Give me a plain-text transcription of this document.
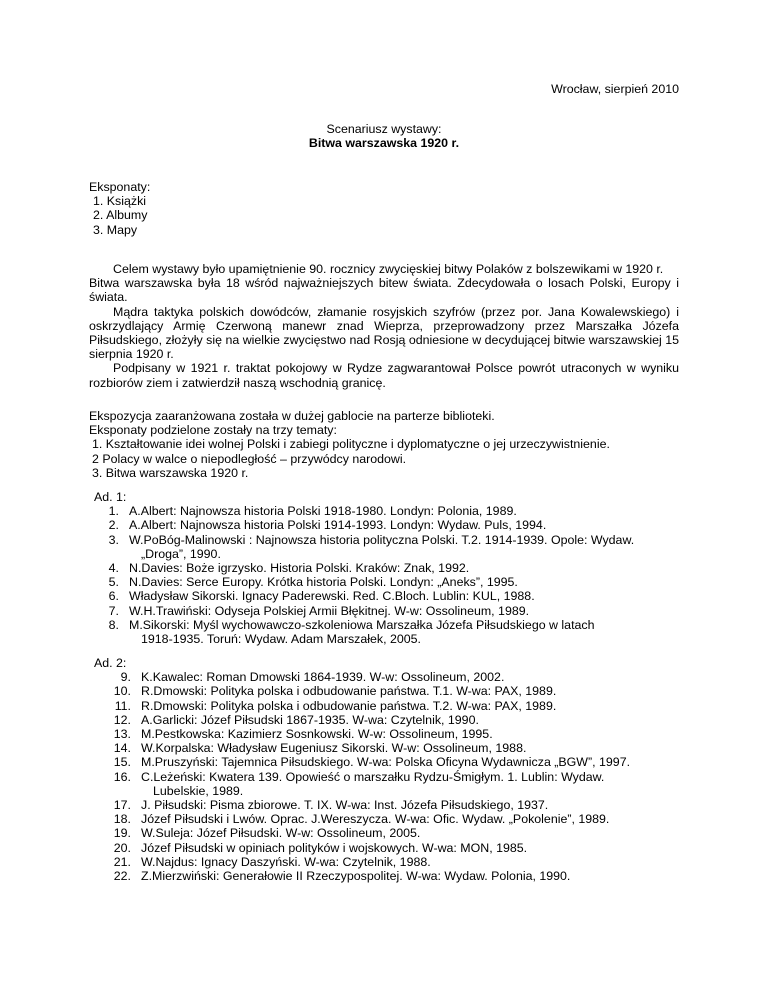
Wrocław, sierpień 2010
Scenariusz wystawy:
Bitwa warszawska 1920 r.
Eksponaty:
1. Książki
2. Albumy
3. Mapy

Celem wystawy było upamiętnienie 90. rocznicy zwycięskiej bitwy Polaków z bolszewikami w 1920 r.

Bitwa warszawska była 18 wśród najważniejszych bitew świata. Zdecydowała o losach Polski, Europy i świata.

Mądra taktyka polskich dowódców, złamanie rosyjskich szyfrów (przez por. Jana Kowalewskiego) i oskrzydlający Armię Czerwoną manewr znad Wieprza, przeprowadzony przez Marszałka Józefa Piłsudskiego, złożyły się na wielkie zwycięstwo nad Rosją odniesione w decydującej bitwie warszawskiej 15 sierpnia 1920 r.

Podpisany w 1921 r. traktat pokojowy w Rydze zagwarantował Polsce powrót utraconych w wyniku rozbiorów ziem i zatwierdził naszą wschodnią granicę.

Ekspozycja zaaranżowana została w dużej gablocie na parterze biblioteki.
Eksponaty podzielone zostały na trzy tematy:
1. Kształtowanie idei wolnej Polski i zabiegi polityczne i dyplomatyczne o jej urzeczywistnienie.
2 Polacy w walce o niepodległość – przywódcy narodowi.
3. Bitwa warszawska 1920 r.
Ad. 1:
1. A.Albert: Najnowsza historia Polski 1918-1980. Londyn: Polonia, 1989.
2. A.Albert: Najnowsza historia Polski 1914-1993. Londyn: Wydaw. Puls, 1994.
3. W.PoBóg-Malinowski : Najnowsza historia polityczna Polski. T.2. 1914-1939. Opole: Wydaw.
„Droga”, 1990.
4. N.Davies: Boże igrzysko. Historia Polski. Kraków: Znak, 1992.
5. N.Davies: Serce Europy. Krótka historia Polski. Londyn: „Aneks”, 1995.
6. Władysław Sikorski. Ignacy Paderewski. Red. C.Bloch. Lublin: KUL, 1988.
7. W.H.Trawiński: Odyseja Polskiej Armii Błękitnej. W-w: Ossolineum, 1989.
8. M.Sikorski: Myśl wychowawczo-szkoleniowa Marszałka Józefa Piłsudskiego w latach
1918-1935. Toruń: Wydaw. Adam Marszałek, 2005.
Ad. 2:
9. K.Kawalec: Roman Dmowski 1864-1939. W-w: Ossolineum, 2002.
10. R.Dmowski: Polityka polska i odbudowanie państwa. T.1. W-wa: PAX, 1989.
11. R.Dmowski: Polityka polska i odbudowanie państwa. T.2. W-wa: PAX, 1989.
12. A.Garlicki: Józef Piłsudski 1867-1935. W-wa: Czytelnik, 1990.
13. M.Pestkowska: Kazimierz Sosnkowski. W-w: Ossolineum, 1995.
14. W.Korpalska: Władysław Eugeniusz Sikorski. W-w: Ossolineum, 1988.
15. M.Pruszyński: Tajemnica Piłsudskiego. W-wa: Polska Oficyna Wydawnicza „BGW”, 1997.
16. C.Leżeński: Kwatera 139. Opowieść o marszałku Rydzu-Śmigłym. 1. Lublin: Wydaw.
Lubelskie, 1989.
17. J. Piłsudski: Pisma zbiorowe. T. IX. W-wa: Inst. Józefa Piłsudskiego, 1937.
18. Józef Piłsudski i Lwów. Oprac. J.Wereszycza. W-wa: Ofic. Wydaw. „Pokolenie”, 1989.
19. W.Suleja: Józef Piłsudski. W-w: Ossolineum, 2005.
20. Józef Piłsudski w opiniach polityków i wojskowych. W-wa: MON, 1985.
21. W.Najdus: Ignacy Daszyński. W-wa: Czytelnik, 1988.
22. Z.Mierzwiński: Generałowie II Rzeczypospolitej. W-wa: Wydaw. Polonia, 1990.
